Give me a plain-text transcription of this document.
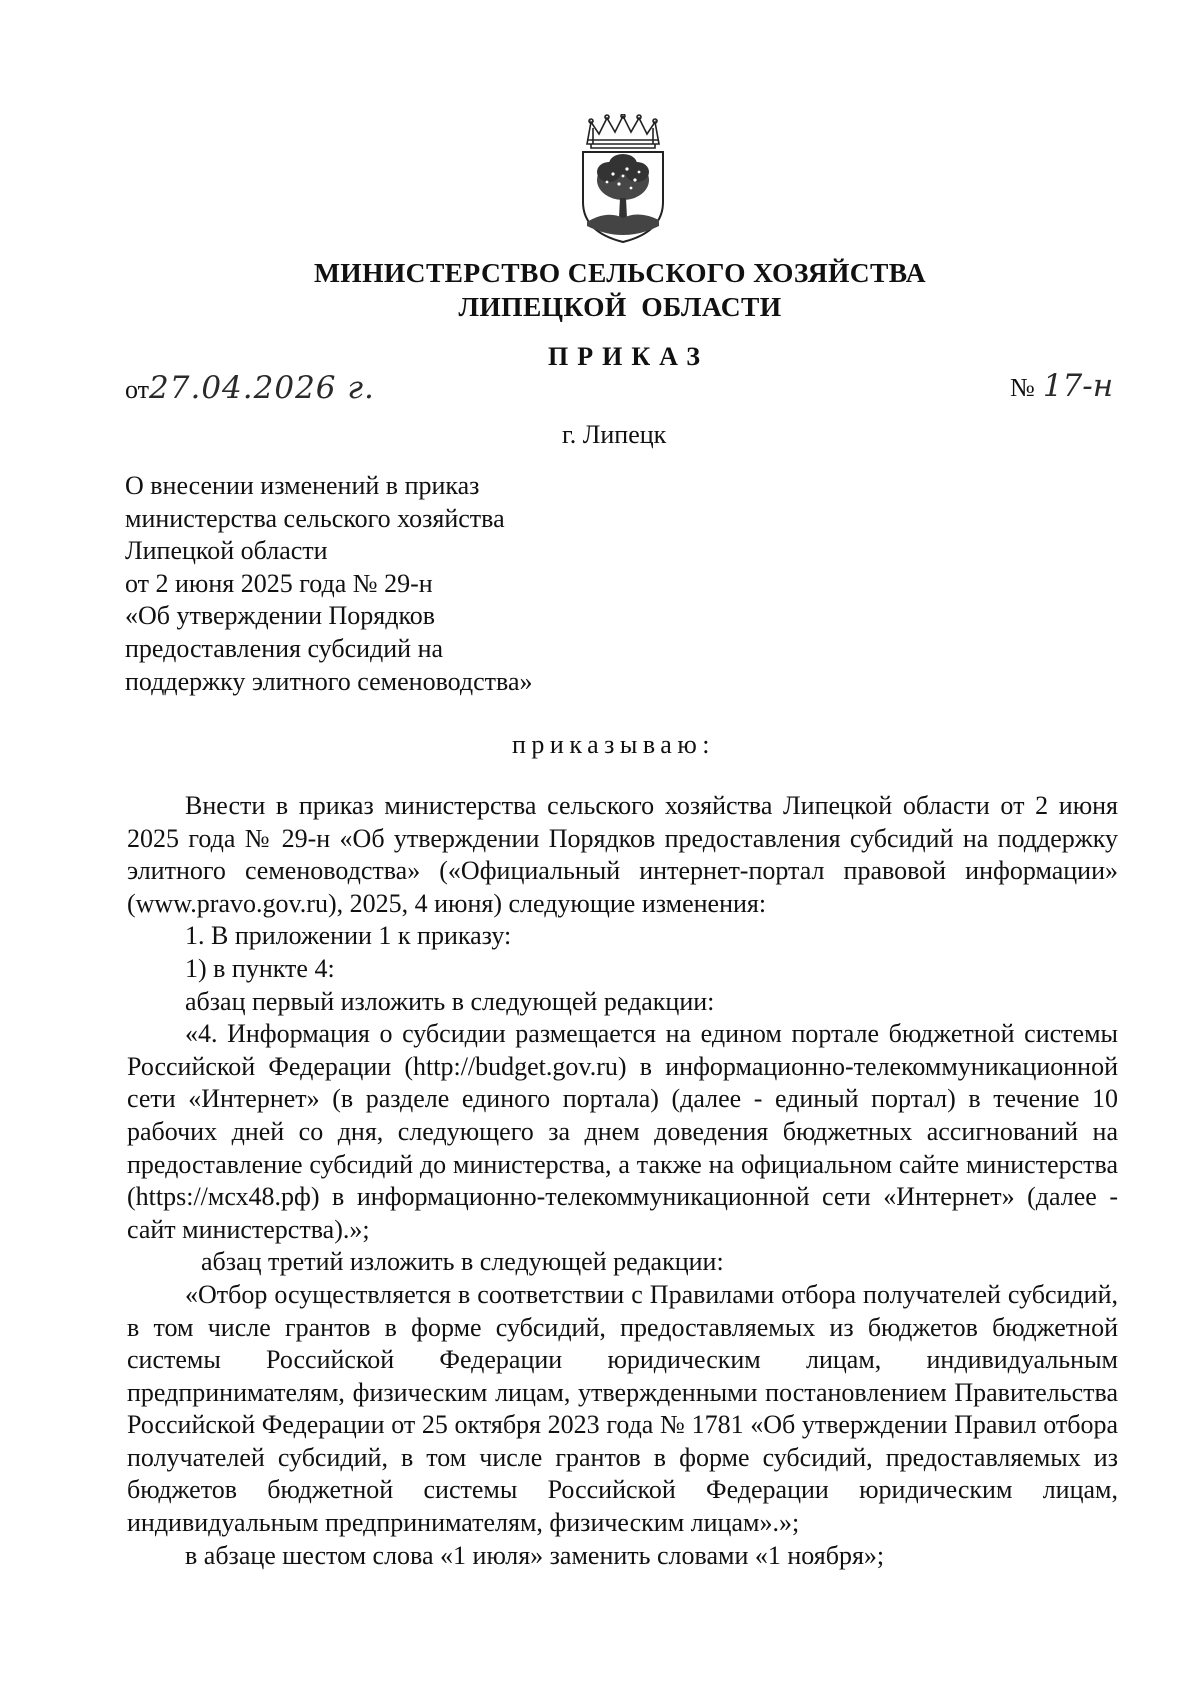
МИНИСТЕРСТВО СЕЛЬСКОГО ХОЗЯЙСТВА
ЛИПЕЦКОЙ  ОБЛАСТИ
ПРИКАЗ
от27.04.2026 г.	№ 17-н
г. Липецк
О внесении изменений в приказ
министерства сельского хозяйства
Липецкой области
от 2 июня 2025 года № 29-н
«Об утверждении Порядков
предоставления субсидий на
поддержку элитного семеноводства»
приказываю:

Внести в приказ министерства сельского хозяйства Липецкой области от 2 июня 2025 года № 29-н «Об утверждении Порядков предоставления субсидий на поддержку элитного семеноводства» («Официальный интернет-портал правовой информации» (www.pravo.gov.ru), 2025, 4 июня) следующие изменения:

1. В приложении 1 к приказу:

1) в пункте 4:

абзац первый изложить в следующей редакции:

«4. Информация о субсидии размещается на едином портале бюджетной системы Российской Федерации (http://budget.gov.ru) в информационно-телекоммуникационной сети «Интернет» (в разделе единого портала) (далее - единый портал) в течение 10 рабочих дней со дня, следующего за днем доведения бюджетных ассигнований на предоставление субсидий до министерства, а также на официальном сайте министерства (https://мсх48.рф) в информационно-телекоммуникационной сети «Интернет» (далее - сайт министерства).»;

абзац третий изложить в следующей редакции:

«Отбор осуществляется в соответствии с Правилами отбора получателей субсидий, в том числе грантов в форме субсидий, предоставляемых из бюджетов бюджетной системы Российской Федерации юридическим лицам, индивидуальным предпринимателям, физическим лицам, утвержденными постановлением Правительства Российской Федерации от 25 октября 2023 года № 1781 «Об утверждении Правил отбора получателей субсидий, в том числе грантов в форме субсидий, предоставляемых из бюджетов бюджетной системы Российской Федерации юридическим лицам, индивидуальным предпринимателям, физическим лицам».»;

в абзаце шестом слова «1 июля» заменить словами «1 ноября»;
